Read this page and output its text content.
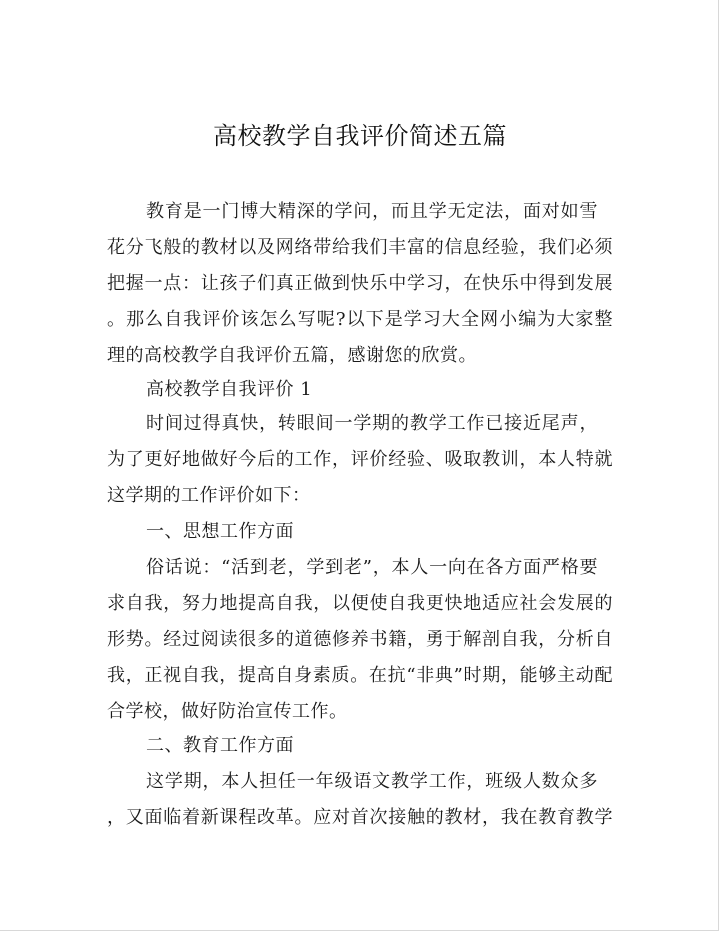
高校教学自我评价简述五篇
教育是一门博大精深的学问，而且学无定法，面对如雪
花分飞般的教材以及网络带给我们丰富的信息经验，我们必须
把握一点：让孩子们真正做到快乐中学习，在快乐中得到发展
。那么自我评价该怎么写呢?以下是学习大全网小编为大家整
理的高校教学自我评价五篇，感谢您的欣赏。
高校教学自我评价 1
时间过得真快，转眼间一学期的教学工作已接近尾声，
为了更好地做好今后的工作，评价经验、吸取教训，本人特就
这学期的工作评价如下：
一、思想工作方面
俗话说：“活到老，学到老”，本人一向在各方面严格要
求自我，努力地提高自我，以便使自我更快地适应社会发展的
形势。经过阅读很多的道德修养书籍，勇于解剖自我，分析自
我，正视自我，提高自身素质。在抗“非典”时期，能够主动配
合学校，做好防治宣传工作。
二、教育工作方面
这学期，本人担任一年级语文教学工作，班级人数众多
，又面临着新课程改革。应对首次接触的教材，我在教育教学
